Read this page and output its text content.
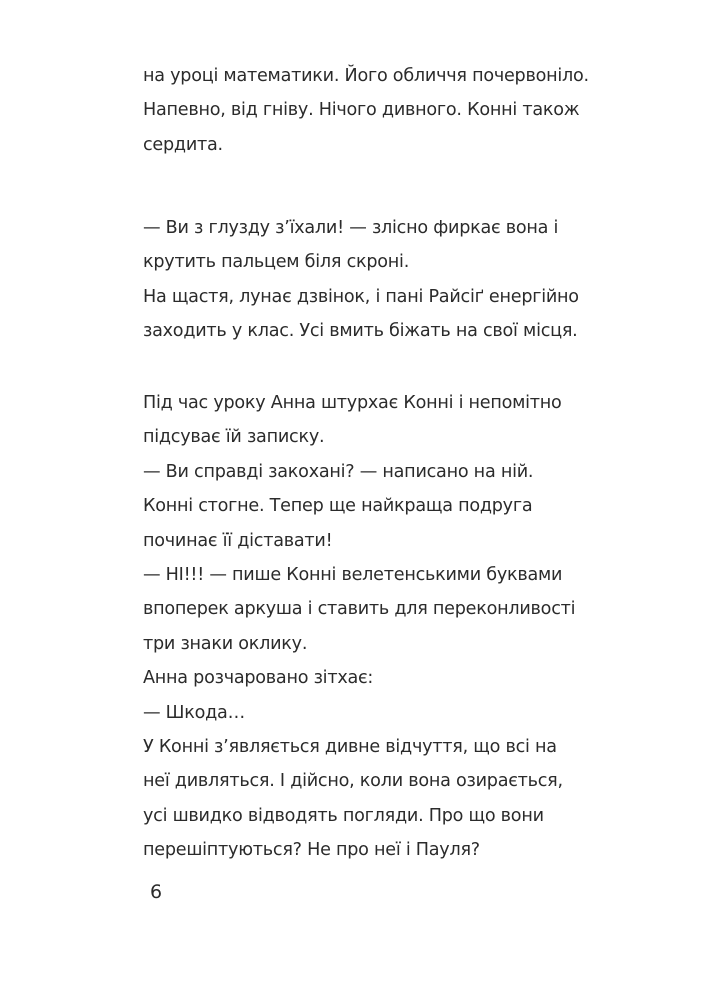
на уроці математики. Його обличчя почервоніло.
Напевно, від гніву. Нічого дивного. Конні також
сердита.
— Ви з глузду з’їхали! — злісно фиркає вона і
крутить пальцем біля скроні.
На щастя, лунає дзвінок, і пані Райсіґ енергійно
заходить у клас. Усі вмить біжать на свої місця.
Під час уроку Анна штурхає Конні і непомітно
підсуває їй записку.
— Ви справді закохані? — написано на ній.
Конні стогне. Тепер ще найкраща подруга
починає її діставати!
— НІ!!! — пише Конні велетенськими буквами
впоперек аркуша і ставить для переконливості
три знаки оклику.
Анна розчаровано зітхає:
— Шкода…
У Конні з’являється дивне відчуття, що всі на
неї дивляться. І дійсно, коли вона озирається,
усі швидко відводять погляди. Про що вони
перешіптуються? Не про неї і Пауля?
6
